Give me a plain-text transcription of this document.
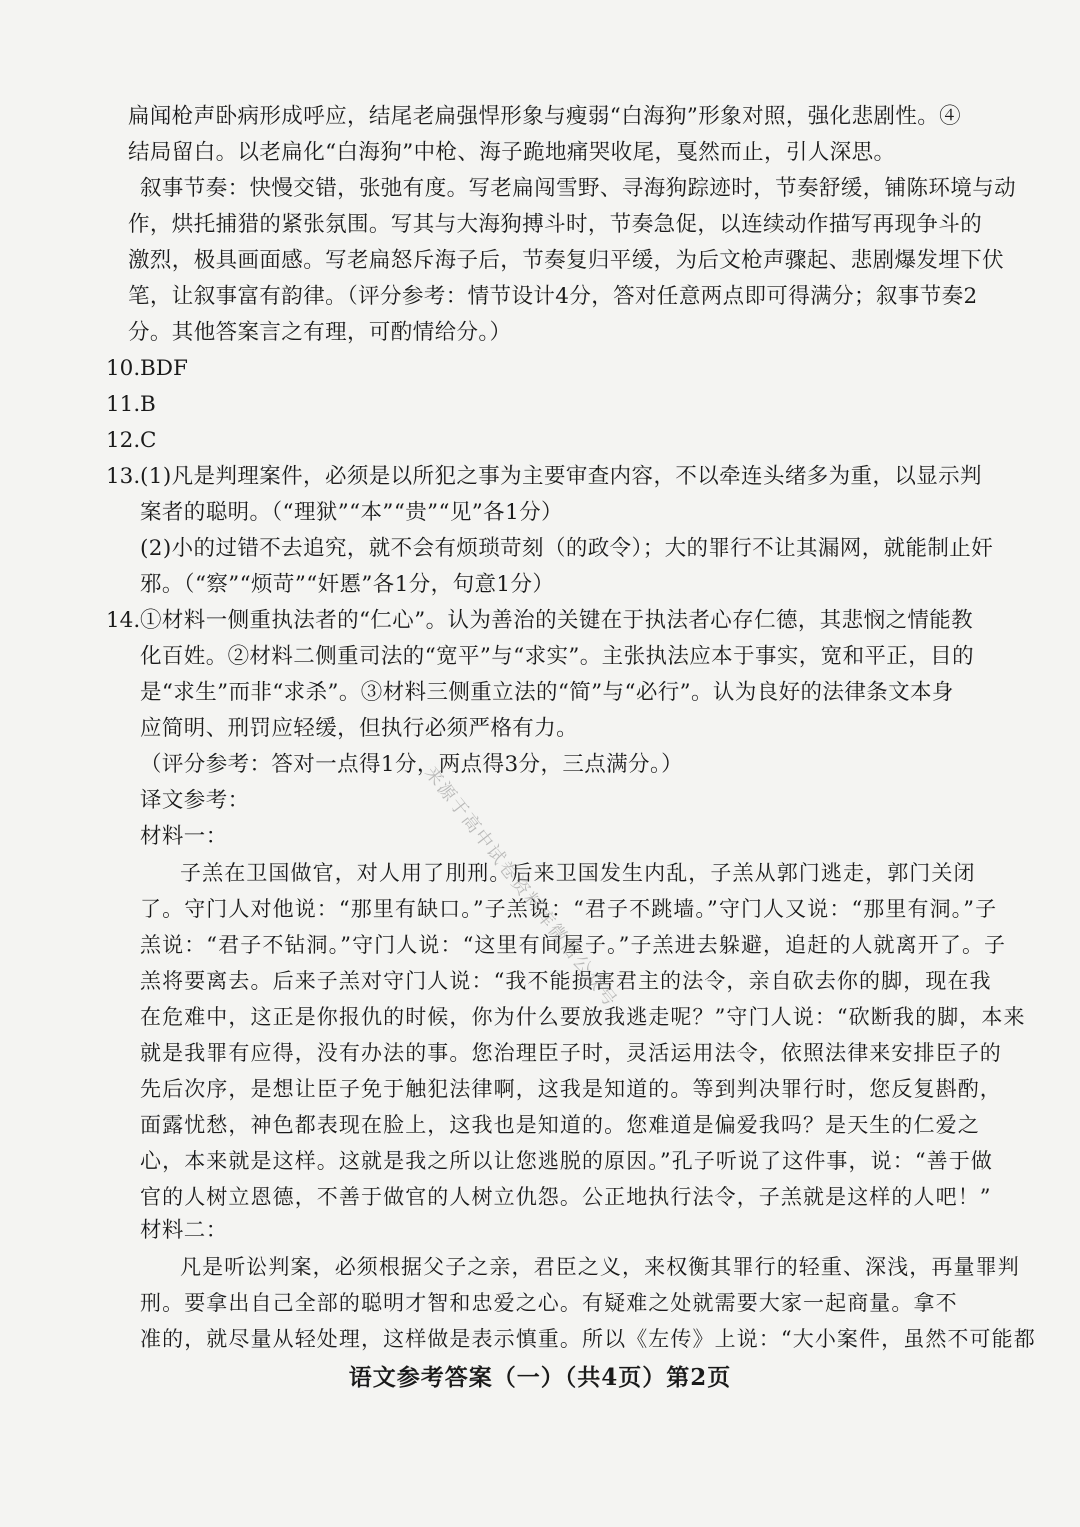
扁闻枪声卧病形成呼应，结尾老扁强悍形象与瘦弱“白海狗”形象对照，强化悲剧性。④
结局留白。以老扁化“白海狗”中枪、海子跪地痛哭收尾，戛然而止，引人深思。
叙事节奏：快慢交错，张弛有度。写老扁闯雪野、寻海狗踪迹时，节奏舒缓，铺陈环境与动
作，烘托捕猎的紧张氛围。写其与大海狗搏斗时，节奏急促，以连续动作描写再现争斗的
激烈，极具画面感。写老扁怒斥海子后，节奏复归平缓，为后文枪声骤起、悲剧爆发埋下伏
笔，让叙事富有韵律。（评分参考：情节设计4分，答对任意两点即可得满分；叙事节奏2
分。其他答案言之有理，可酌情给分。）
10. BDF
11. B
12. C
13. (1)凡是判理案件，必须是以所犯之事为主要审查内容，不以牵连头绪多为重，以显示判
案者的聪明。（“理狱”“本”“贵”“见”各1分）
(2)小的过错不去追究，就不会有烦琐苛刻（的政令）；大的罪行不让其漏网，就能制止奸
邪。（“察”“烦苛”“奸慝”各1分，句意1分）
14. ①材料一侧重执法者的“仁心”。认为善治的关键在于执法者心存仁德，其悲悯之情能教
化百姓。②材料二侧重司法的“宽平”与“求实”。主张执法应本于事实，宽和平正，目的
是“求生”而非“求杀”。③材料三侧重立法的“简”与“必行”。认为良好的法律条文本身
应简明、刑罚应轻缓，但执行必须严格有力。
（评分参考：答对一点得1分，两点得3分，三点满分。）
译文参考：
材料一：
子羔在卫国做官，对人用了刖刑。后来卫国发生内乱，子羔从郭门逃走，郭门关闭
了。守门人对他说：“那里有缺口。”子羔说：“君子不跳墙。”守门人又说：“那里有洞。”子
羔说：“君子不钻洞。”守门人说：“这里有间屋子。”子羔进去躲避，追赶的人就离开了。子
羔将要离去。后来子羔对守门人说：“我不能损害君主的法令，亲自砍去你的脚，现在我
在危难中，这正是你报仇的时候，你为什么要放我逃走呢？”守门人说：“砍断我的脚，本来
就是我罪有应得，没有办法的事。您治理臣子时，灵活运用法令，依照法律来安排臣子的
先后次序，是想让臣子免于触犯法律啊，这我是知道的。等到判决罪行时，您反复斟酌，
面露忧愁，神色都表现在脸上，这我也是知道的。您难道是偏爱我吗？是天生的仁爱之
心，本来就是这样。这就是我之所以让您逃脱的原因。”孔子听说了这件事，说：“善于做
官的人树立恩德，不善于做官的人树立仇怨。公正地执行法令，子羔就是这样的人吧！”
材料二：
凡是听讼判案，必须根据父子之亲，君臣之义，来权衡其罪行的轻重、深浅，再量罪判
刑。要拿出自己全部的聪明才智和忠爱之心。有疑难之处就需要大家一起商量。拿不
准的，就尽量从轻处理，这样做是表示慎重。所以《左传》上说：“大小案件，虽然不可能都
语文参考答案（一）（共4页）第2页
来源于高中试卷资料库微信公众号
